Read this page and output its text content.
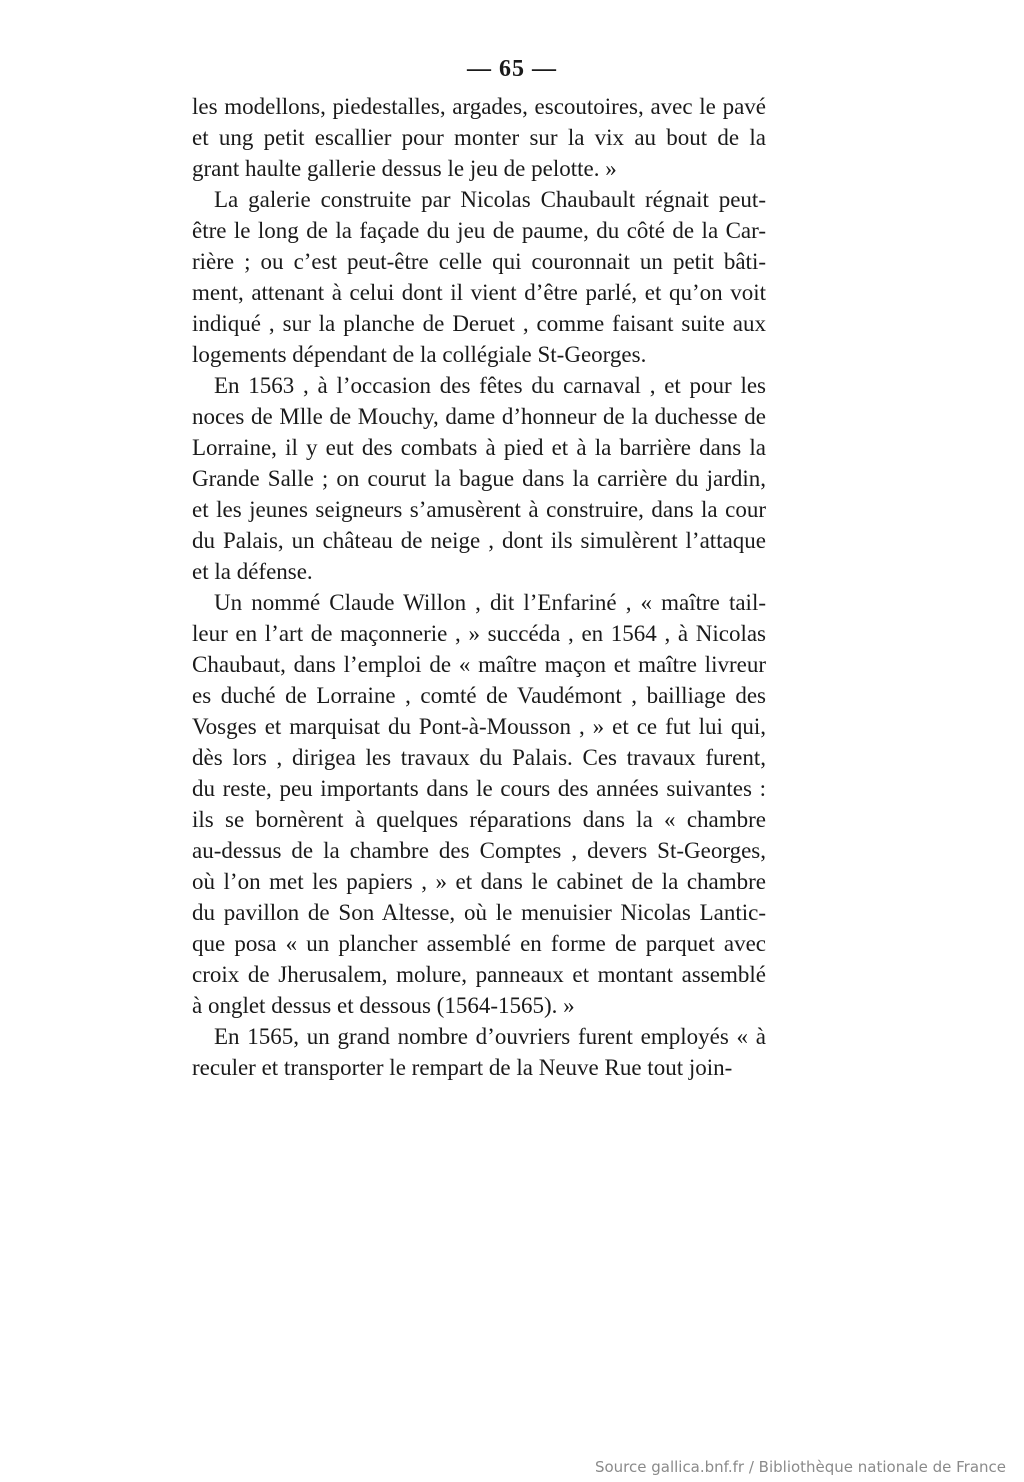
— 65 —
les modellons, piedestalles, argades, escoutoires, avec le pavé
et ung petit escallier pour monter sur la vix au bout de la
grant haulte gallerie dessus le jeu de pelotte. »
La galerie construite par Nicolas Chaubault régnait peut-
être le long de la façade du jeu de paume, du côté de la Car-
rière ; ou c’est peut-être celle qui couronnait un petit bâti-
ment, attenant à celui dont il vient d’être parlé, et qu’on voit
indiqué , sur la planche de Deruet , comme faisant suite aux
logements dépendant de la collégiale St-Georges.
En 1563 , à l’occasion des fêtes du carnaval , et pour les
noces de Mlle de Mouchy, dame d’honneur de la duchesse de
Lorraine, il y eut des combats à pied et à la barrière dans la
Grande Salle ; on courut la bague dans la carrière du jardin,
et les jeunes seigneurs s’amusèrent à construire, dans la cour
du Palais, un château de neige , dont ils simulèrent l’attaque
et la défense.
Un nommé Claude Willon , dit l’Enfariné , « maître tail-
leur en l’art de maçonnerie , » succéda , en 1564 , à Nicolas
Chaubaut, dans l’emploi de « maître maçon et maître livreur
es duché de Lorraine , comté de Vaudémont , bailliage des
Vosges et marquisat du Pont-à-Mousson , » et ce fut lui qui,
dès lors , dirigea les travaux du Palais. Ces travaux furent,
du reste, peu importants dans le cours des années suivantes :
ils se bornèrent à quelques réparations dans la « chambre
au-dessus de la chambre des Comptes , devers St-Georges,
où l’on met les papiers , » et dans le cabinet de la chambre
du pavillon de Son Altesse, où le menuisier Nicolas Lantic-
que posa « un plancher assemblé en forme de parquet avec
croix de Jherusalem, molure, panneaux et montant assemblé
à onglet dessus et dessous (1564-1565). »
En 1565, un grand nombre d’ouvriers furent employés « à
reculer et transporter le rempart de la Neuve Rue tout join-
Source gallica.bnf.fr / Bibliothèque nationale de France
